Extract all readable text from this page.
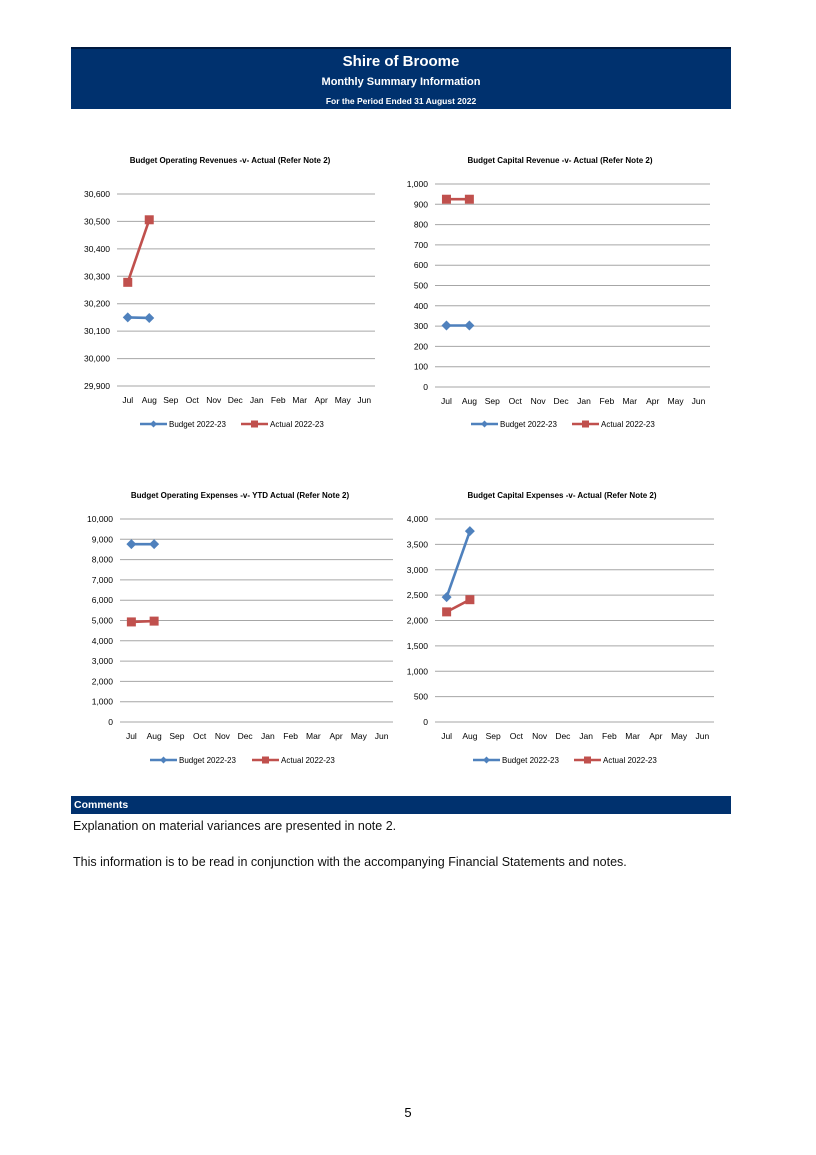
Shire of Broome
Monthly Summary Information
For the Period Ended 31 August 2022
Budget Operating Revenues -v- Actual (Refer Note 2)
29,900
30,000
30,100
30,200
30,300
30,400
30,500
30,600
Jul Aug Sep Oct Nov Dec Jan Feb Mar Apr May Jun
Budget 2022-23	Actual 2022-23
Budget Capital Revenue -v- Actual (Refer Note 2)
0
100
200
300
400
500
600
700
800
900
1,000
Jul Aug Sep Oct Nov Dec Jan Feb Mar Apr May Jun
Budget 2022-23	Actual 2022-23
Budget Operating Expenses -v- YTD Actual (Refer Note 2)
0
1,000
2,000
3,000
4,000
5,000
6,000
7,000
8,000
9,000
10,000
Jul Aug Sep Oct Nov Dec Jan Feb Mar Apr May Jun
Budget 2022-23	Actual 2022-23
Budget Capital Expenses -v- Actual (Refer Note 2)
0
500
1,000
1,500
2,000
2,500
3,000
3,500
4,000
Jul Aug Sep Oct Nov Dec Jan Feb Mar Apr May Jun
Budget 2022-23	Actual 2022-23
Comments
Explanation on material variances are presented in note 2.
This information is to be read in conjunction with the accompanying Financial Statements and notes.
5
